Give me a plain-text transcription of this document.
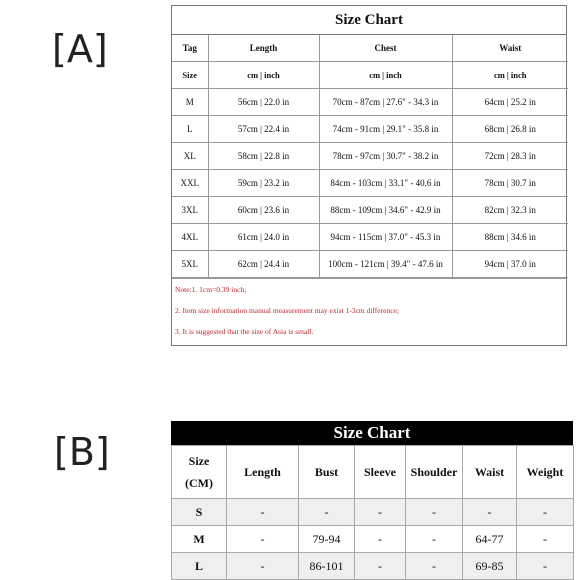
[A]
[B]
Size Chart
Tag	Length	Chest	Waist
Size	cm | inch	cm | inch	cm | inch
M	56cm | 22.0 in	70cm - 87cm | 27.6" - 34.3 in	64cm | 25.2 in
L	57cm | 22.4 in	74cm - 91cm | 29.1" - 35.8 in	68cm | 26.8 in
XL	58cm | 22.8 in	78cm - 97cm | 30.7" - 38.2 in	72cm | 28.3 in
XXL	59cm | 23.2 in	84cm - 103cm | 33.1" - 40.6 in	78cm | 30.7 in
3XL	60cm | 23.6 in	88cm - 109cm | 34.6" - 42.9 in	82cm | 32.3 in
4XL	61cm | 24.0 in	94cm - 115cm | 37.0" - 45.3 in	88cm | 34.6 in
5XL	62cm | 24.4 in	100cm - 121cm | 39.4" - 47.6 in	94cm | 37.0 in
Note:1. 1cm=0.39 inch;
2. Item size information manual measurement may exist 1-3cm difference;
3. It is suggested that the size of Asia is small.
Size Chart
Size
(CM)	Length	Bust	Sleeve	Shoulder	Waist	Weight
S	-	-	-	-	-	-
M	-	79-94	-	-	64-77	-
L	-	86-101	-	-	69-85	-
